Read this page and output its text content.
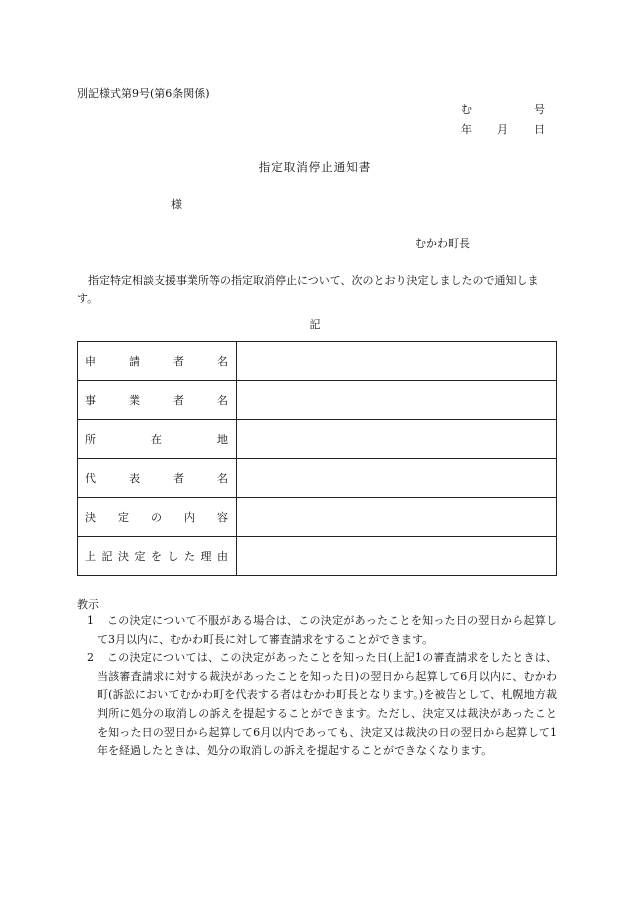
別記様式第9号(第6条関係)
む	号
年 月 日
指定取消停止通知書
様
むかわ町長
指定特定相談支援事業所等の指定取消停止について、次のとおり決定しましたので通知します。
記
申請者名	
事業者名	
所在地	
代表者名	
決定の内容	
上記決定をした理由	
教示
1	この決定について不服がある場合は、この決定があったことを知った日の翌日から起算して3月以内に、むかわ町長に対して審査請求をすることができます。
2	この決定については、この決定があったことを知った日(上記1の審査請求をしたときは、当該審査請求に対する裁決があったことを知った日)の翌日から起算して6月以内に、むかわ町(訴訟においてむかわ町を代表する者はむかわ町長となります。)を被告として、札幌地方裁判所に処分の取消しの訴えを提起することができます。ただし、決定又は裁決があったことを知った日の翌日から起算して6月以内であっても、決定又は裁決の日の翌日から起算して1年を経過したときは、処分の取消しの訴えを提起することができなくなります。
